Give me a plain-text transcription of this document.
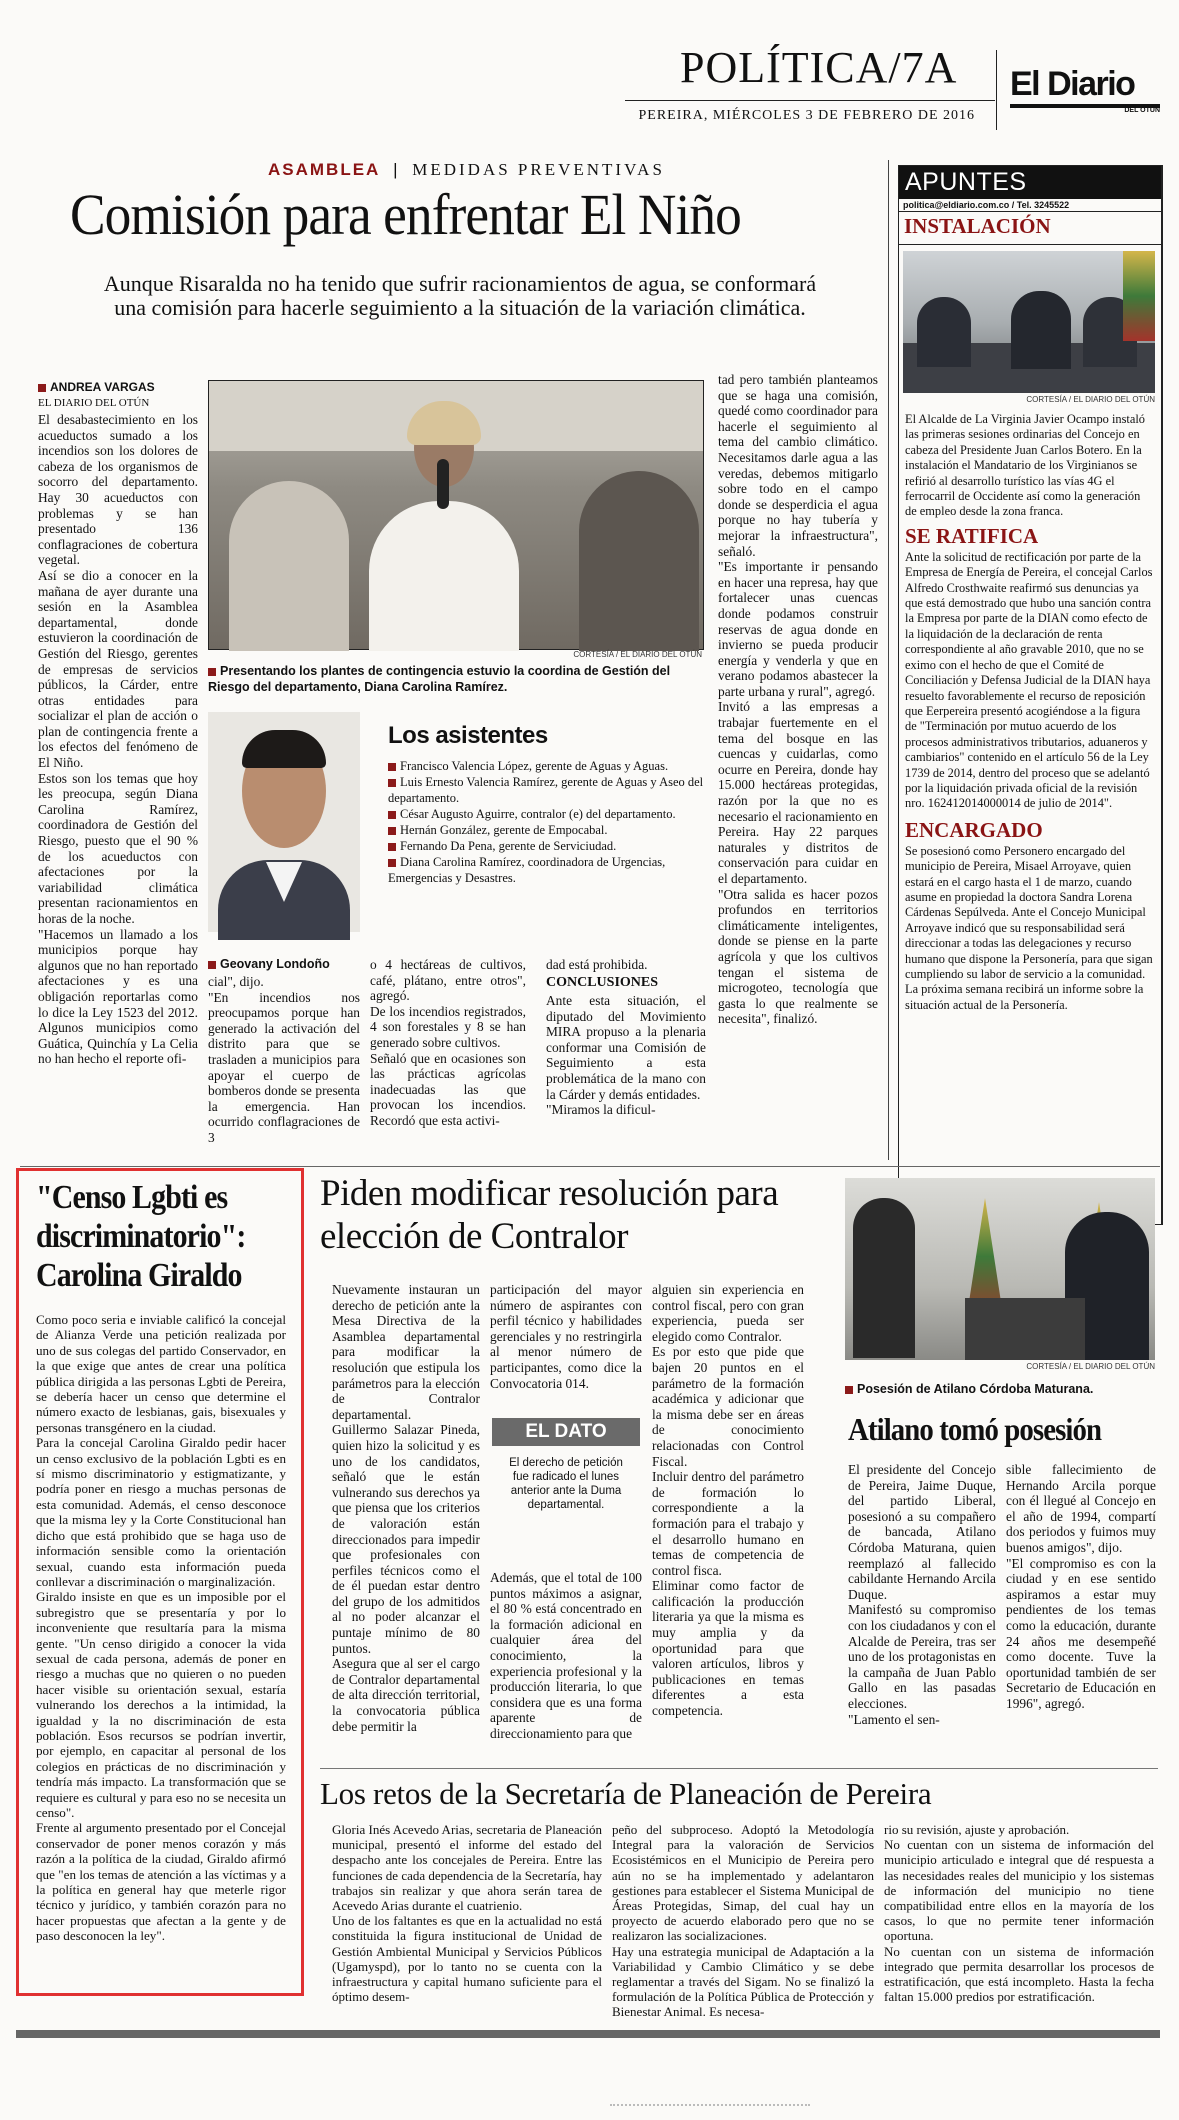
POLÍTICA/7A
PEREIRA, MIÉRCOLES 3 DE FEBRERO DE 2016
El Diario
DEL OTÚN
ASAMBLEA | MEDIDAS PREVENTIVAS
Comisión para enfrentar El Niño
Aunque Risaralda no ha tenido que sufrir racionamientos de agua, se conformará una comisión para hacerle seguimiento a la situación de la variación climática.
ANDREA VARGAS
EL DIARIO DEL OTÚN
El desabastecimiento en los acueductos sumado a los incendios son los dolores de cabeza de los organismos de socorro del departamento. Hay 30 acueductos con problemas y se han presentado 136 conflagraciones de cobertura vegetal.
Así se dio a conocer en la mañana de ayer durante una sesión en la Asamblea departamental, donde estuvieron la coordinación de Gestión del Riesgo, gerentes de empresas de servicios públicos, la Cárder, entre otras entidades para socializar el plan de acción o plan de contingencia frente a los efectos del fenómeno de El Niño.
Estos son los temas que hoy les preocupa, según Diana Carolina Ramírez, coordinadora de Gestión del Riesgo, puesto que el 90 % de los acueductos con afectaciones por la variabilidad climática presentan racionamientos en horas de la noche.
"Hacemos un llamado a los municipios porque hay algunos que no han reportado afectaciones y es una obligación reportarlas como lo dice la Ley 1523 del 2012. Algunos municipios como Guática, Quinchía y La Celia no han hecho el reporte ofi-
CORTESÍA / EL DIARIO DEL OTÚN
Presentando los plantes de contingencia estuvio la coordina de Gestión del Riesgo del departamento, Diana Carolina Ramírez.
Geovany Londoño
Los asistentes
Francisco Valencia López, gerente de Aguas y Aguas.
Luis Ernesto Valencia Ramírez, gerente de Aguas y Aseo del departamento.
César Augusto Aguirre, contralor (e) del departamento.
Hernán González, gerente de Empocabal.
Fernando Da Pena, gerente de Serviciudad.
Diana Carolina Ramírez, coordinadora de Urgencias, Emergencias y Desastres.
cial", dijo.
"En incendios nos preocupamos porque han generado la activación del distrito para que se trasladen a municipios para apoyar el cuerpo de bomberos donde se presenta la emergencia. Han ocurrido conflagraciones de 3
o 4 hectáreas de cultivos, café, plátano, entre otros", agregó.
De los incendios registrados, 4 son forestales y 8 se han generado sobre cultivos.
Señaló que en ocasiones son las prácticas agrícolas inadecuadas las que provocan los incendios. Recordó que esta activi-
dad está prohibida.
CONCLUSIONES
Ante esta situación, el diputado del Movimiento MIRA propuso a la plenaria conformar una Comisión de Seguimiento a esta problemática de la mano con la Cárder y demás entidades.
"Miramos la dificul-
tad pero también planteamos que se haga una comisión, quedé como coordinador para hacerle el seguimiento al tema del cambio climático. Necesitamos darle agua a las veredas, debemos mitigarlo sobre todo en el campo donde se desperdicia el agua porque no hay tubería y mejorar la infraestructura", señaló.
"Es importante ir pensando en hacer una represa, hay que fortalecer unas cuencas donde podamos construir reservas de agua donde en invierno se pueda producir energía y venderla y que en verano podamos abastecer la parte urbana y rural", agregó.
Invitó a las empresas a trabajar fuertemente en el tema del bosque en las cuencas y cuidarlas, como ocurre en Pereira, donde hay 15.000 hectáreas protegidas, razón por la que no es necesario el racionamiento en Pereira. Hay 22 parques naturales y distritos de conservación para cuidar en el departamento.
"Otra salida es hacer pozos profundos en territorios climáticamente inteligentes, donde se piense en la parte agrícola y que los cultivos tengan el sistema de microgoteo, tecnología que gasta lo que realmente se necesita", finalizó.
APUNTES
politica@eldiario.com.co / Tel. 3245522
INSTALACIÓN
CORTESÍA / EL DIARIO DEL OTÚN
El Alcalde de La Virginia Javier Ocampo instaló las primeras sesiones ordinarias del Concejo en cabeza del Presidente Juan Carlos Botero. En la instalación el Mandatario de los Virginianos se refirió al desarrollo turístico las vías 4G el ferrocarril de Occidente así como la generación de empleo desde la zona franca.
SE RATIFICA
Ante la solicitud de rectificación por parte de la Empresa de Energía de Pereira, el concejal Carlos Alfredo Crosthwaite reafirmó sus denuncias ya que está demostrado que hubo una sanción contra la Empresa por parte de la DIAN como efecto de la liquidación de la declaración de renta correspondiente al año gravable 2010, que no se eximo con el hecho de que el Comité de Conciliación y Defensa Judicial de la DIAN haya resuelto favorablemente el recurso de reposición que Eerpereira presentó acogiéndose a la figura de "Terminación por mutuo acuerdo de los procesos administrativos tributarios, aduaneros y cambiarios" contenido en el artículo 56 de la Ley 1739 de 2014, dentro del proceso que se adelantó por la liquidación privada oficial de la revisión nro. 162412014000014 de julio de 2014".
ENCARGADO
Se posesionó como Personero encargado del municipio de Pereira, Misael Arroyave, quien estará en el cargo hasta el 1 de marzo, cuando asume en propiedad la doctora Sandra Lorena Cárdenas Sepúlveda. Ante el Concejo Municipal Arroyave indicó que su responsabilidad será direccionar a todas las delegaciones y recurso humano que dispone la Personería, para que sigan cumpliendo su labor de servicio a la comunidad. La próxima semana recibirá un informe sobre la situación actual de la Personería.
"Censo Lgbti es discriminatorio": Carolina Giraldo
Como poco seria e inviable calificó la concejal de Alianza Verde una petición realizada por uno de sus colegas del partido Conservador, en la que exige que antes de crear una política pública dirigida a las personas Lgbti de Pereira, se debería hacer un censo que determine el número exacto de lesbianas, gais, bisexuales y personas transgénero en la ciudad.
Para la concejal Carolina Giraldo pedir hacer un censo exclusivo de la población Lgbti es en sí mismo discriminatorio y estigmatizante, y podría poner en riesgo a muchas personas de esta comunidad. Además, el censo desconoce que la misma ley y la Corte Constitucional han dicho que está prohibido que se haga uso de información sensible como la orientación sexual, cuando esta información pueda conllevar a discriminación o marginalización.
Giraldo insiste en que es un imposible por el subregistro que se presentaría y por lo inconveniente que resultaría para la misma gente. "Un censo dirigido a conocer la vida sexual de cada persona, además de poner en riesgo a muchas que no quieren o no pueden hacer visible su orientación sexual, estaría vulnerando los derechos a la intimidad, la igualdad y la no discriminación de esta población. Esos recursos se podrían invertir, por ejemplo, en capacitar al personal de los colegios en prácticas de no discriminación y tendría más impacto. La transformación que se requiere es cultural y para eso no se necesita un censo".
Frente al argumento presentado por el Concejal conservador de poner menos corazón y más razón a la política de la ciudad, Giraldo afirmó que "en los temas de atención a las víctimas y a la política en general hay que meterle rigor técnico y jurídico, y también corazón para no hacer propuestas que afectan a la gente y de paso desconocen la ley".
Piden modificar resolución para elección de Contralor
Nuevamente instauran un derecho de petición ante la Mesa Directiva de la Asamblea departamental para modificar la resolución que estipula los parámetros para la elección de Contralor departamental.
Guillermo Salazar Pineda, quien hizo la solicitud y es uno de los candidatos, señaló que le están vulnerando sus derechos ya que piensa que los criterios de valoración están direccionados para impedir que profesionales con perfiles técnicos como el de él puedan estar dentro del grupo de los admitidos al no poder alcanzar el puntaje mínimo de 80 puntos.
Asegura que al ser el cargo de Contralor departamental de alta dirección territorial, la convocatoria pública debe permitir la
participación del mayor número de aspirantes con perfil técnico y habilidades gerenciales y no restringirla al menor número de participantes, como dice la Convocatoria 014.
EL DATO
El derecho de petición fue radicado el lunes anterior ante la Duma departamental.
Además, que el total de 100 puntos máximos a asignar, el 80 % está concentrado en la formación adicional en cualquier área del conocimiento, la experiencia profesional y la producción literaria, lo que considera que es una forma aparente de direccionamiento para que
alguien sin experiencia en control fiscal, pero con gran experiencia, pueda ser elegido como Contralor.
Es por esto que pide que bajen 20 puntos en el parámetro de la formación académica y adicionar que la misma debe ser en áreas de conocimiento relacionadas con Control Fiscal.
Incluir dentro del parámetro de formación lo correspondiente a la formación para el trabajo y el desarrollo humano en temas de competencia de control fisca.
Eliminar como factor de calificación la producción literaria ya que la misma es muy amplia y da oportunidad para que valoren artículos, libros y publicaciones en temas diferentes a esta competencia.
CORTESÍA / EL DIARIO DEL OTÚN
Posesión de Atilano Córdoba Maturana.
Atilano tomó posesión
El presidente del Concejo de Pereira, Jaime Duque, del partido Liberal, posesionó a su compañero de bancada, Atilano Córdoba Maturana, quien reemplazó al fallecido cabildante Hernando Arcila Duque.
Manifestó su compromiso con los ciudadanos y con el Alcalde de Pereira, tras ser uno de los protagonistas en la campaña de Juan Pablo Gallo en las pasadas elecciones.
"Lamento el sen-
sible fallecimiento de Hernando Arcila porque con él llegué al Concejo en el año de 1994, compartí dos periodos y fuimos muy buenos amigos", dijo.
"El compromiso es con la ciudad y en ese sentido aspiramos a estar muy pendientes de los temas como la educación, durante 24 años me desempeñé como docente. Tuve la oportunidad también de ser Secretario de Educación en 1996", agregó.
Los retos de la Secretaría de Planeación de Pereira
Gloria Inés Acevedo Arias, secretaria de Planeación municipal, presentó el informe del estado del despacho ante los concejales de Pereira. Entre las funciones de cada dependencia de la Secretaría, hay trabajos sin realizar y que ahora serán tarea de Acevedo Arias durante el cuatrienio.
Uno de los faltantes es que en la actualidad no está constituida la figura institucional de Unidad de Gestión Ambiental Municipal y Servicios Públicos (Ugamyspd), por lo tanto no se cuenta con la infraestructura y capital humano suficiente para el óptimo desem-
peño del subproceso. Adoptó la Metodología Integral para la valoración de Servicios Ecosistémicos en el Municipio de Pereira pero aún no se ha implementado y adelantaron gestiones para establecer el Sistema Municipal de Áreas Protegidas, Simap, del cual hay un proyecto de acuerdo elaborado pero que no se realizaron las socializaciones.
Hay una estrategia municipal de Adaptación a la Variabilidad y Cambio Climático y se debe reglamentar a través del Sigam. No se finalizó la formulación de la Política Pública de Protección y Bienestar Animal. Es necesa-
rio su revisión, ajuste y aprobación.
No cuentan con un sistema de información del municipio articulado e integral que dé respuesta a las necesidades reales del municipio y los sistemas de información del municipio no tiene compatibilidad entre ellos en la mayoría de los casos, lo que no permite tener información oportuna.
No cuentan con un sistema de información integrado que permita desarrollar los procesos de estratificación, que está incompleto. Hasta la fecha faltan 15.000 predios por estratificación.
